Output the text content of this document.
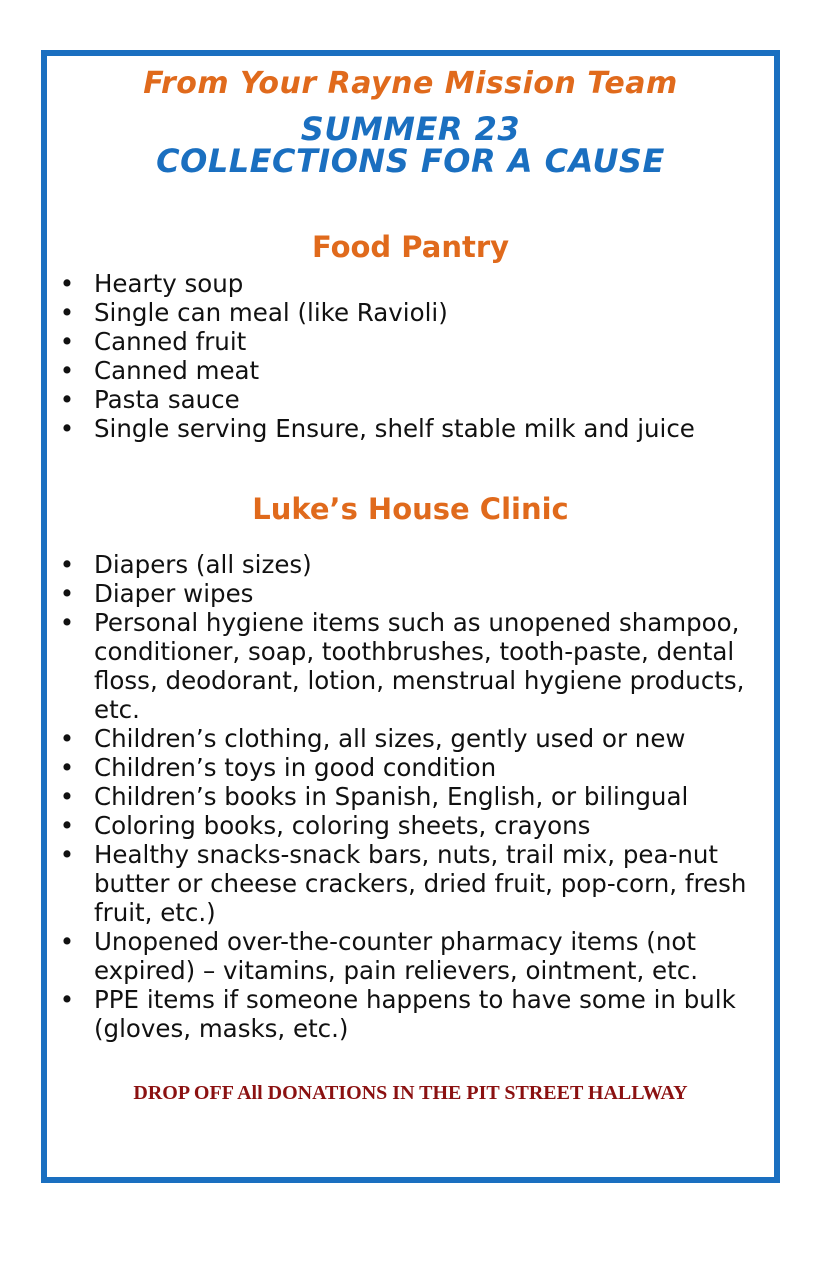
From Your Rayne Mission Team
SUMMER 23
COLLECTIONS FOR A CAUSE
Food Pantry
• Hearty soup
• Single can meal (like Ravioli)
• Canned fruit
• Canned meat
• Pasta sauce
• Single serving Ensure, shelf stable milk and juice
Luke’s House Clinic
• Diapers (all sizes)
• Diaper wipes
• Personal hygiene items such as unopened shampoo, conditioner, soap, toothbrushes, tooth-paste, dental floss, deodorant, lotion, menstrual hygiene products, etc.
• Children’s clothing, all sizes, gently used or new
• Children’s toys in good condition
• Children’s books in Spanish, English, or bilingual
• Coloring books, coloring sheets, crayons
• Healthy snacks-snack bars, nuts, trail mix, pea-nut butter or cheese crackers, dried fruit, pop-corn, fresh fruit, etc.)
• Unopened over-the-counter pharmacy items (not expired) – vitamins, pain relievers, ointment, etc.
• PPE items if someone happens to have some in bulk (gloves, masks, etc.)
DROP OFF All DONATIONS IN THE PIT STREET HALLWAY
